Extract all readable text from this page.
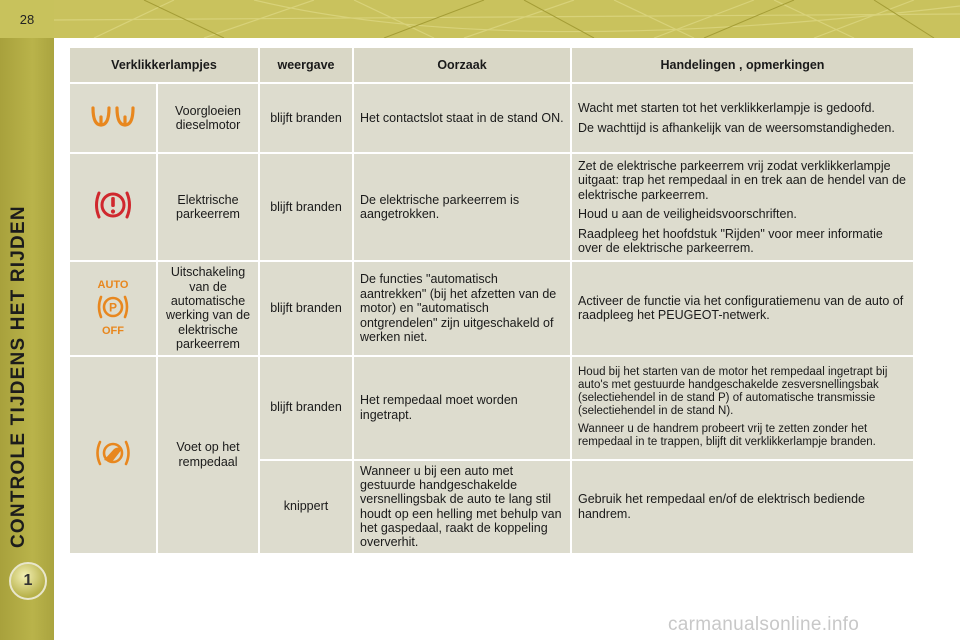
28
CONTROLE TIJDENS HET RIJDEN
1
Verklikkerlampjes		weergave	Oorzaak	Handelingen , opmerkingen
	Voorgloeien dieselmotor	blijft branden	Het contactslot staat in de stand ON.	Wacht met starten tot het verklikkerlampje is gedoofd.

De wachttijd is afhankelijk van de weersomstandigheden.

	Elektrische parkeerrem	blijft branden	De elektrische parkeerrem is aangetrokken.	Zet de elektrische parkeerrem vrij zodat verklikkerlampje uitgaat: trap het rempedaal in en trek aan de hendel van de elektrische parkeerrem.

Houd u aan de veiligheidsvoorschriften.

Raadpleeg het hoofdstuk "Rijden" voor meer informatie over de elektrische parkeerrem.

AUTO
P
OFF	Uitschakeling van de automatische werking van de elektrische parkeerrem	blijft branden	De functies "automatisch aantrekken" (bij het afzetten van de motor) en "automatisch ontgrendelen" zijn uitgeschakeld of werken niet.	Activeer de functie via het configuratiemenu van de auto of raadpleeg het PEUGEOT-netwerk.

	Voet op het rempedaal	blijft branden	Het rempedaal moet worden ingetrapt.	Houd bij het starten van de motor het rempedaal ingetrapt bij auto's met gestuurde handgeschakelde zesversnellingsbak (selectiehendel in de stand P) of automatische transmissie (selectiehendel in de stand N).

Wanneer u de handrem probeert vrij te zetten zonder het rempedaal in te trappen, blijft dit verklikkerlampje branden.

		knippert	Wanneer u bij een auto met gestuurde handgeschakelde versnellingsbak de auto te lang stil houdt op een helling met behulp van het gaspedaal, raakt de koppeling oververhit.	Gebruik het rempedaal en/of de elektrisch bediende handrem.

carmanualsonline.info
